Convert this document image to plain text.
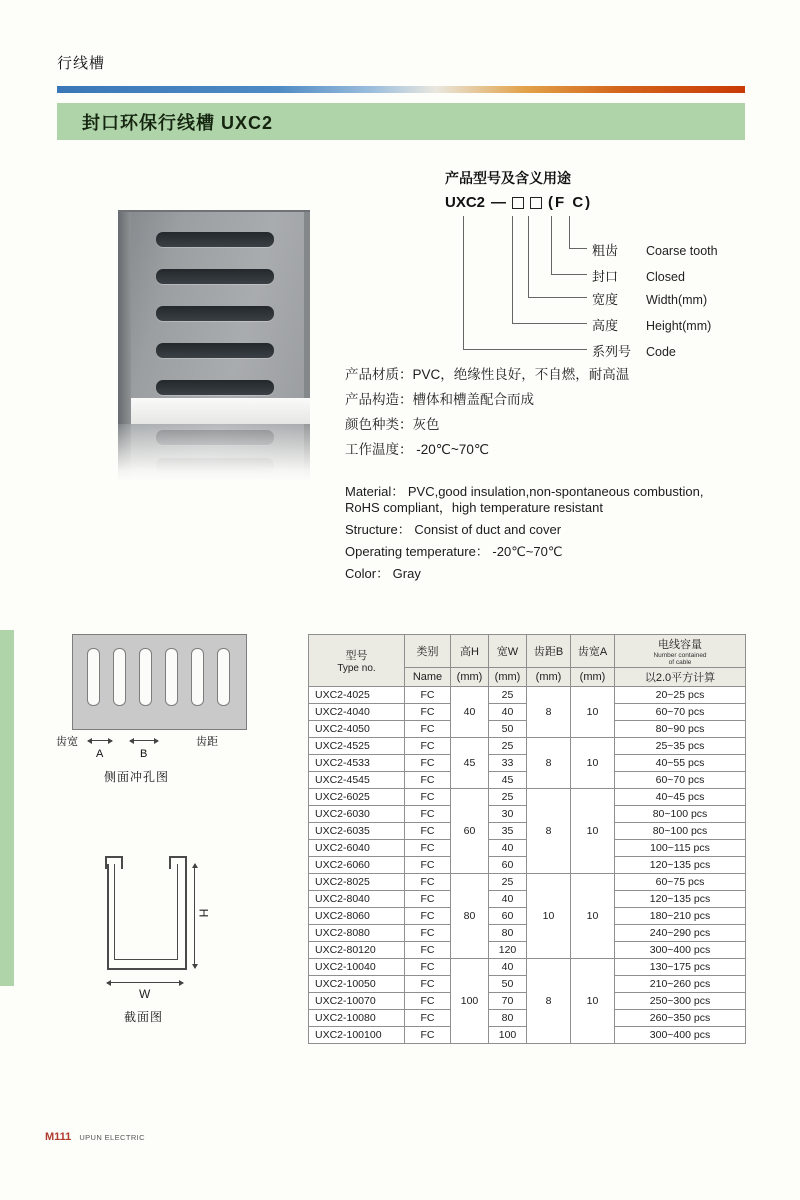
行线槽
封口环保行线槽 UXC2
产品型号及含义用途
UXC2 —	(F C)
粗齿	Coarse tooth
封口	Closed
宽度	Width(mm)
高度	Height(mm)
系列号	Code
产品材质：PVC，绝缘性良好，不自燃，耐高温
产品构造：槽体和槽盖配合而成
颜色种类：灰色
工作温度： -20℃~70℃
Material： PVC,good insulation,non-spontaneous combustion,
RoHS compliant，high temperature resistant
Structure： Consist of duct and cover
Operating temperature： -20℃~70℃
Color： Gray
齿宽
A	B
齿距
侧面冲孔图
H
W
截面图
型号
Type no.
	类别	高H	宽W	齿距B	齿宽A	
电线容量
Number contained
of cable

	Name	(mm)	(mm)	(mm)	(mm)	以2.0平方计算
UXC2-4025	FC	40	25	8	10	20~25 pcs
UXC2-4040	FC		40			60~70 pcs
UXC2-4050	FC		50			80~90 pcs
UXC2-4525	FC	45	25	8	10	25~35 pcs
UXC2-4533	FC		33			40~55 pcs
UXC2-4545	FC		45			60~70 pcs
UXC2-6025	FC	60	25	8	10	40~45 pcs
UXC2-6030	FC		30			80~100 pcs
UXC2-6035	FC		35			80~100 pcs
UXC2-6040	FC		40			100~115 pcs
UXC2-6060	FC		60			120~135 pcs
UXC2-8025	FC	80	25	10	10	60~75 pcs
UXC2-8040	FC		40			120~135 pcs
UXC2-8060	FC		60			180~210 pcs
UXC2-8080	FC		80			240~290 pcs
UXC2-80120	FC		120			300~400 pcs
UXC2-10040	FC	100	40	8	10	130~175 pcs
UXC2-10050	FC		50			210~260 pcs
UXC2-10070	FC		70			250~300 pcs
UXC2-10080	FC		80			260~350 pcs
UXC2-100100	FC		100			300~400 pcs
M111 UPUN ELECTRIC
